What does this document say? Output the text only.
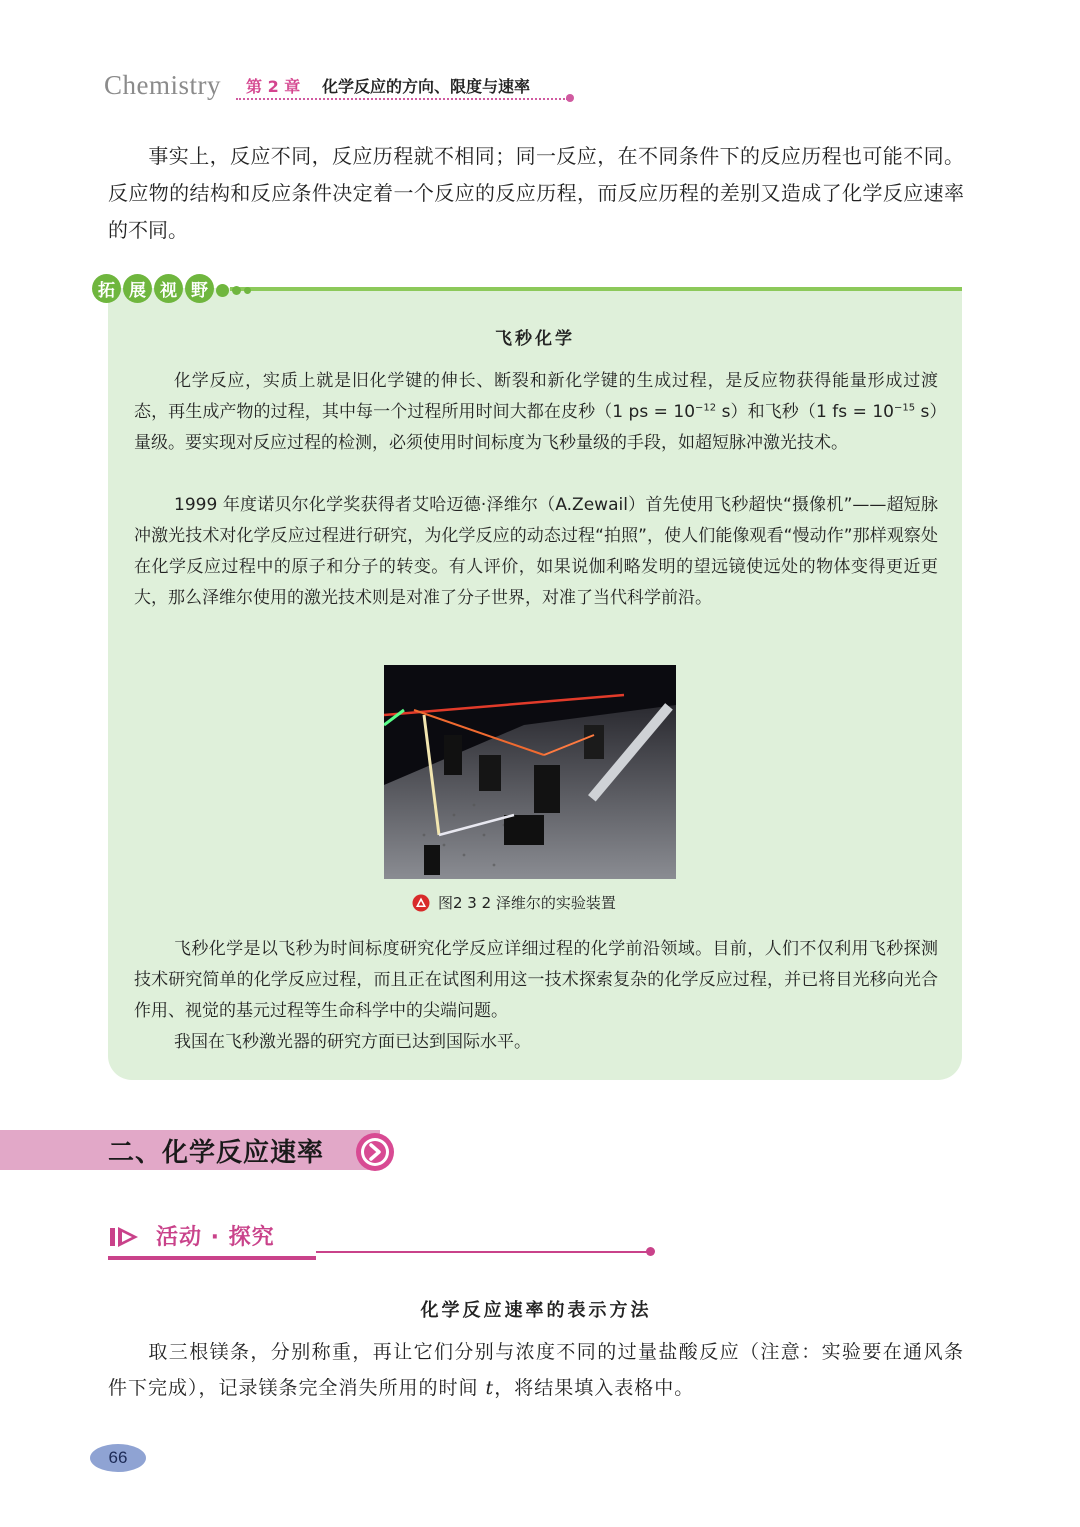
Chemistry 第 2 章 化学反应的方向、限度与速率
事实上，反应不同，反应历程就不相同；同一反应，在不同条件下的反应历程也可能不同。反应物的结构和反应条件决定着一个反应的反应历程，而反应历程的差别又造成了化学反应速率的不同。
拓 展 视 野
飞秒化学
化学反应，实质上就是旧化学键的伸长、断裂和新化学键的生成过程，是反应物获得能量形成过渡态，再生成产物的过程，其中每一个过程所用时间大都在皮秒（1 ps = $10^{-12}$ s）和飞秒（1 fs = $10^{-15}$ s）量级。要实现对反应过程的检测，必须使用时间标度为飞秒量级的手段，如超短脉冲激光技术。
1999 年度诺贝尔化学奖获得者艾哈迈德·泽维尔（A.Zewail）首先使用飞秒超快“摄像机”——超短脉冲激光技术对化学反应过程进行研究，为化学反应的动态过程“拍照”，使人们能像观看“慢动作”那样观察处在化学反应过程中的原子和分子的转变。有人评价，如果说伽利略发明的望远镜使远处的物体变得更近更大，那么泽维尔使用的激光技术则是对准了分子世界，对准了当代科学前沿。
图2 3 2 泽维尔的实验装置
飞秒化学是以飞秒为时间标度研究化学反应详细过程的化学前沿领域。目前，人们不仅利用飞秒探测技术研究简单的化学反应过程，而且正在试图利用这一技术探索复杂的化学反应过程，并已将目光移向光合作用、视觉的基元过程等生命科学中的尖端问题。
我国在飞秒激光器的研究方面已达到国际水平。
二、化学反应速率
活动 · 探究
化学反应速率的表示方法
取三根镁条，分别称重，再让它们分别与浓度不同的过量盐酸反应（注意：实验要在通风条件下完成），记录镁条完全消失所用的时间 t，将结果填入表格中。
66
